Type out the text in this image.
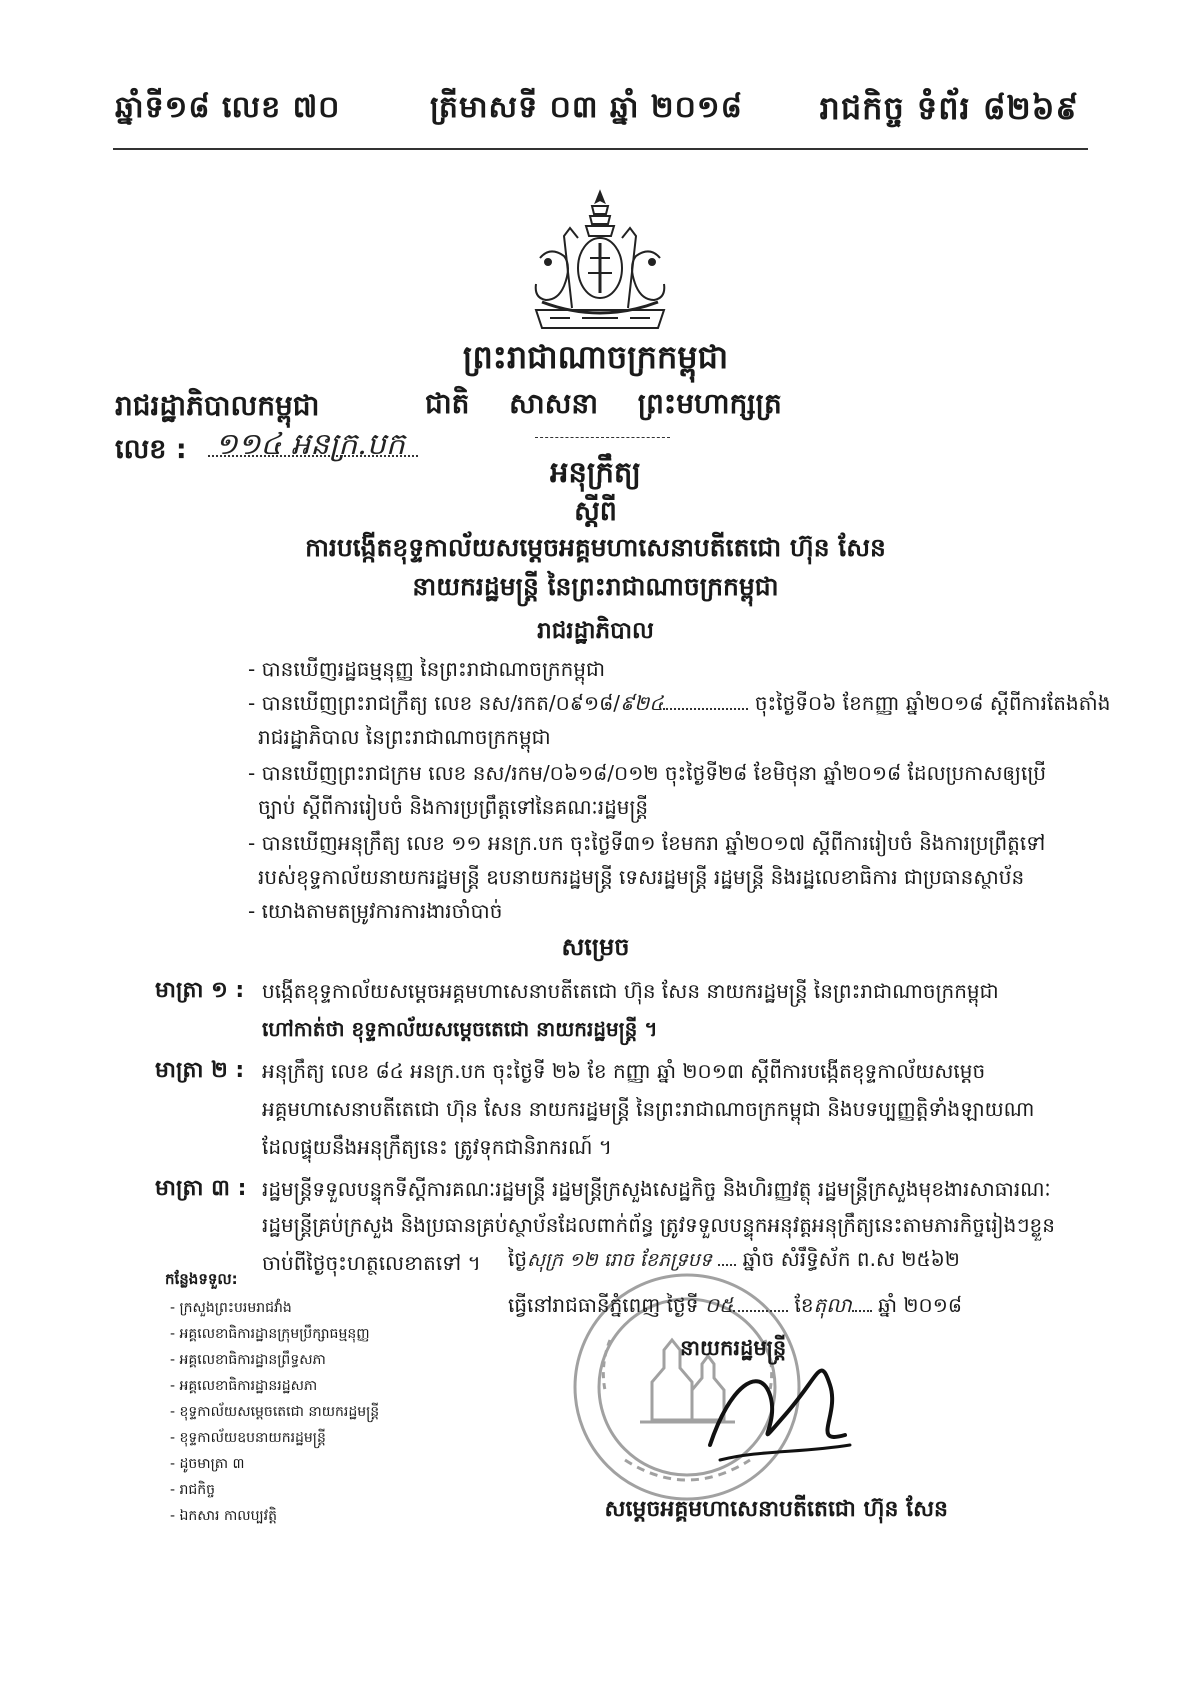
ឆ្នាំទី១៨ លេខ ៧០	ត្រីមាសទី ០៣ ឆ្នាំ ២០១៨ រាជកិច្ច ទំព័រ ៨២៦៩

ព្រះរាជាណាចក្រកម្ពុជា

រាជរដ្ឋាភិបាលកម្ពុជា	ជាតិ សាសនា ព្រះមហាក្សត្រ

លេខ : ១១៤ អនក្រ.បក

អនុក្រឹត្យ

ស្តីពី

ការបង្កើតខុទ្ទកាល័យសម្តេចអគ្គមហាសេនាបតីតេជោ ហ៊ុន សែន

នាយករដ្ឋមន្ត្រី នៃព្រះរាជាណាចក្រកម្ពុជា

រាជរដ្ឋាភិបាល

- បានឃើញរដ្ឋធម្មនុញ្ញ នៃព្រះរាជាណាចក្រកម្ពុជា

- បានឃើញព្រះរាជក្រឹត្យ លេខ នស/រកត/០៩១៨/៩២៤	ចុះថ្ងៃទី០៦ ខែកញ្ញា ឆ្នាំ២០១៨ ស្តីពីការតែងតាំង

រាជរដ្ឋាភិបាល នៃព្រះរាជាណាចក្រកម្ពុជា

- បានឃើញព្រះរាជក្រម លេខ នស/រកម/០៦១៨/០១២ ចុះថ្ងៃទី២៨ ខែមិថុនា ឆ្នាំ២០១៨ ដែលប្រកាសឲ្យប្រើ

ច្បាប់ ស្តីពីការរៀបចំ និងការប្រព្រឹត្តទៅនៃគណៈរដ្ឋមន្ត្រី

- បានឃើញអនុក្រឹត្យ លេខ ១១ អនក្រ.បក ចុះថ្ងៃទី៣១ ខែមករា ឆ្នាំ២០១៧ ស្តីពីការរៀបចំ និងការប្រព្រឹត្តទៅ

របស់ខុទ្ទកាល័យនាយករដ្ឋមន្ត្រី ឧបនាយករដ្ឋមន្ត្រី ទេសរដ្ឋមន្ត្រី រដ្ឋមន្ត្រី និងរដ្ឋលេខាធិការ ជាប្រធានស្ថាប័ន

- យោងតាមតម្រូវការការងារចាំបាច់

សម្រេច

មាត្រា ១ : បង្កើតខុទ្ទកាល័យសម្តេចអគ្គមហាសេនាបតីតេជោ ហ៊ុន សែន នាយករដ្ឋមន្ត្រី នៃព្រះរាជាណាចក្រកម្ពុជា

ហៅកាត់ថា ខុទ្ទកាល័យសម្តេចតេជោ នាយករដ្ឋមន្ត្រី ។

មាត្រា ២ : អនុក្រឹត្យ លេខ ៨៤ អនក្រ.បក ចុះថ្ងៃទី ២៦ ខែ កញ្ញា ឆ្នាំ ២០១៣ ស្តីពីការបង្កើតខុទ្ទកាល័យសម្តេច

អគ្គមហាសេនាបតីតេជោ ហ៊ុន សែន នាយករដ្ឋមន្ត្រី នៃព្រះរាជាណាចក្រកម្ពុជា និងបទប្បញ្ញត្តិទាំងឡាយណា

ដែលផ្ទុយនឹងអនុក្រឹត្យនេះ ត្រូវទុកជានិរាករណ៍ ។

មាត្រា ៣ : រដ្ឋមន្ត្រីទទួលបន្ទុកទីស្តីការគណៈរដ្ឋមន្ត្រី រដ្ឋមន្ត្រីក្រសួងសេដ្ឋកិច្ច និងហិរញ្ញវត្ថុ រដ្ឋមន្ត្រីក្រសួងមុខងារសាធារណៈ

រដ្ឋមន្ត្រីគ្រប់ក្រសួង និងប្រធានគ្រប់ស្ថាប័នដែលពាក់ព័ន្ធ ត្រូវទទួលបន្ទុកអនុវត្តអនុក្រឹត្យនេះតាមភារកិច្ចរៀងៗខ្លួន

ចាប់ពីថ្ងៃចុះហត្ថលេខាតទៅ ។ ថ្ងៃសុក្រ ១២ រោច ខែភទ្របទ ឆ្នាំច សំរឹទ្ធិស័ក ព.ស ២៥៦២

ធ្វើនៅរាជធានីភ្នំពេញ ថ្ងៃទី ០៥	ខែតុលា ឆ្នាំ ២០១៨

នាយករដ្ឋមន្ត្រី

សម្តេចអគ្គមហាសេនាបតីតេជោ ហ៊ុន សែន

កន្លែងទទួល:

- ក្រសួងព្រះបរមរាជវាំង

- អគ្គលេខាធិការដ្ឋានក្រុមប្រឹក្សាធម្មនុញ្ញ

- អគ្គលេខាធិការដ្ឋានព្រឹទ្ធសភា

- អគ្គលេខាធិការដ្ឋានរដ្ឋសភា

- ខុទ្ទកាល័យសម្តេចតេជោ នាយករដ្ឋមន្ត្រី

- ខុទ្ទកាល័យឧបនាយករដ្ឋមន្ត្រី

- ដូចមាត្រា ៣

- រាជកិច្ច

- ឯកសារ កាលប្បវត្តិ
